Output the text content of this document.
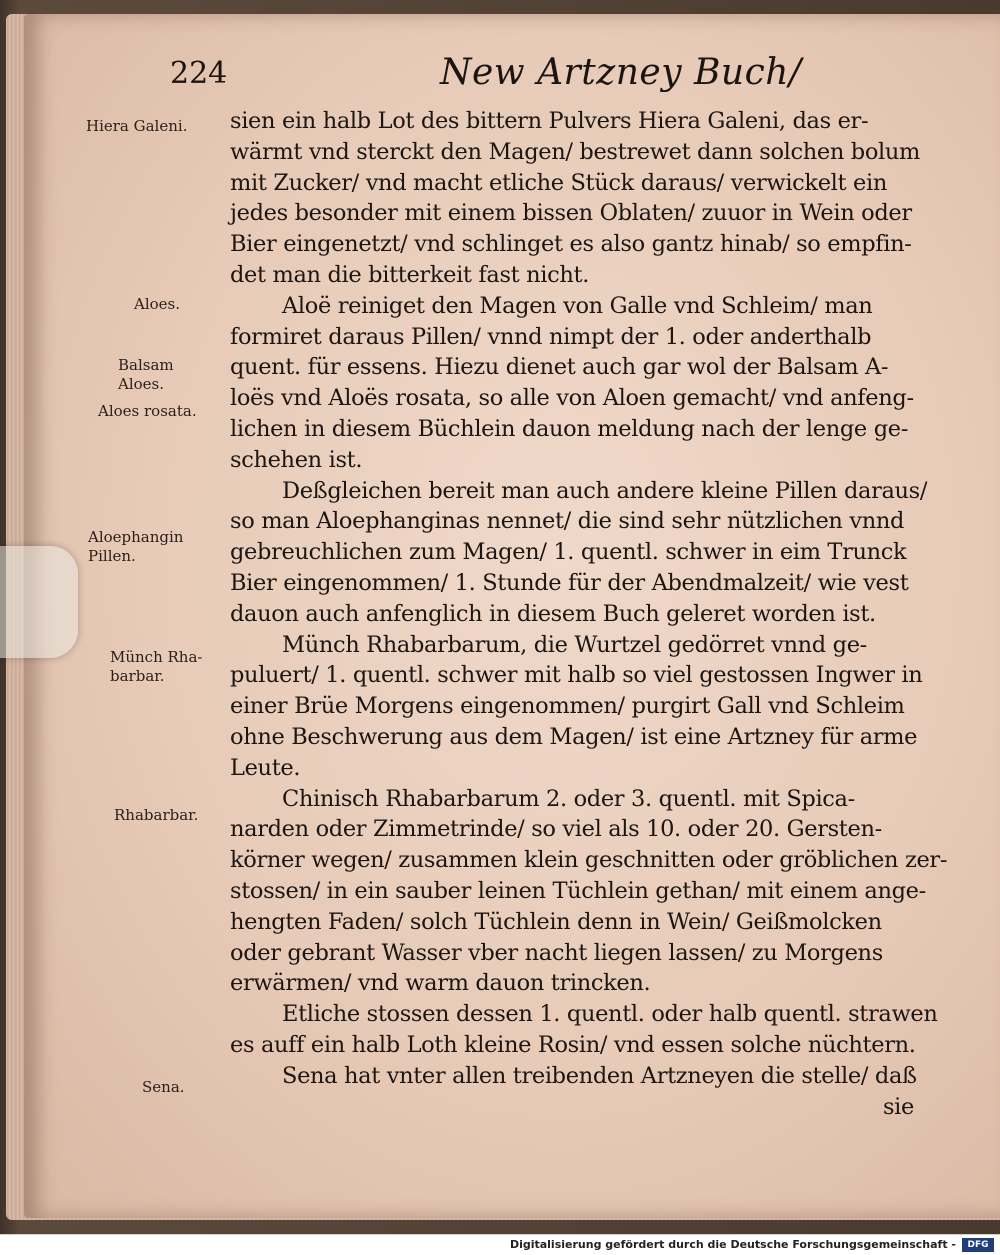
224	New Artzney Buch/
Hiera Galeni.
Aloes.
Balsam
Aloes.
Aloes rosata.
Aloephangin
Pillen.
Münch Rha-
barbar.
Rhabarbar.
Sena.
sien ein halb Lot des bittern Pulvers Hiera Galeni, das er-
wärmt vnd sterckt den Magen/ bestrewet dann solchen bolum
mit Zucker/ vnd macht etliche Stück daraus/ verwickelt ein
jedes besonder mit einem bissen Oblaten/ zuuor in Wein oder
Bier eingenetzt/ vnd schlinget es also gantz hinab/ so empfin-
det man die bitterkeit fast nicht.
Aloë reiniget den Magen von Galle vnd Schleim/ man
formiret daraus Pillen/ vnnd nimpt der 1. oder anderthalb
quent. für essens. Hiezu dienet auch gar wol der Balsam A-
loës vnd Aloës rosata, so alle von Aloen gemacht/ vnd anfeng-
lichen in diesem Büchlein dauon meldung nach der lenge ge-
schehen ist.
Deßgleichen bereit man auch andere kleine Pillen daraus/
so man Aloephanginas nennet/ die sind sehr nützlichen vnnd
gebreuchlichen zum Magen/ 1. quentl. schwer in eim Trunck
Bier eingenommen/ 1. Stunde für der Abendmalzeit/ wie vest
dauon auch anfenglich in diesem Buch geleret worden ist.
Münch Rhabarbarum, die Wurtzel gedörret vnnd ge-
puluert/ 1. quentl. schwer mit halb so viel gestossen Ingwer in
einer Brüe Morgens eingenommen/ purgirt Gall vnd Schleim
ohne Beschwerung aus dem Magen/ ist eine Artzney für arme
Leute.
Chinisch Rhabarbarum 2. oder 3. quentl. mit Spica-
narden oder Zimmetrinde/ so viel als 10. oder 20. Gersten-
körner wegen/ zusammen klein geschnitten oder gröblichen zer-
stossen/ in ein sauber leinen Tüchlein gethan/ mit einem ange-
hengten Faden/ solch Tüchlein denn in Wein/ Geißmolcken
oder gebrant Wasser vber nacht liegen lassen/ zu Morgens
erwärmen/ vnd warm dauon trincken.
Etliche stossen dessen 1. quentl. oder halb quentl. strawen
es auff ein halb Loth kleine Rosin/ vnd essen solche nüchtern.
Sena hat vnter allen treibenden Artzneyen die stelle/ daß
sie
Digitalisierung gefördert durch die Deutsche Forschungsgemeinschaft -	DFG
